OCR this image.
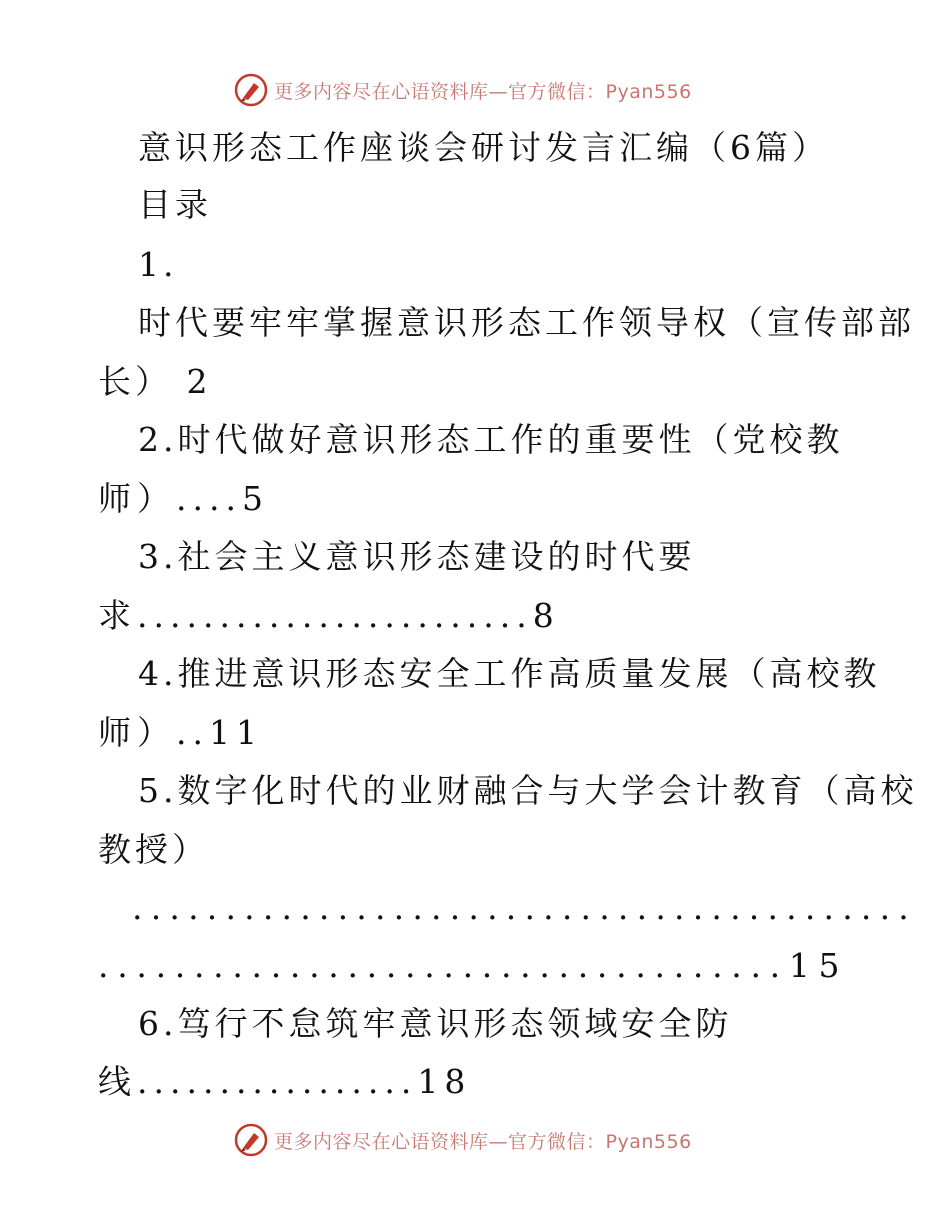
更多内容尽在心语资料库—官方微信：Pyan556
意识形态工作座谈会研讨发言汇编（6篇）
目录
1.
时代要牢牢掌握意识形态工作领导权（宣传部部
长） 2
2.时代做好意识形态工作的重要性（党校教
师）....5
3.社会主义意识形态建设的时代要
求........................8
4.推进意识形态安全工作高质量发展（高校教
师）..11
5.数字化时代的业财融合与大学会计教育（高校
教授）
..........................................
....................................15
6.笃行不怠筑牢意识形态领域安全防
线.................18
更多内容尽在心语资料库—官方微信：Pyan556
